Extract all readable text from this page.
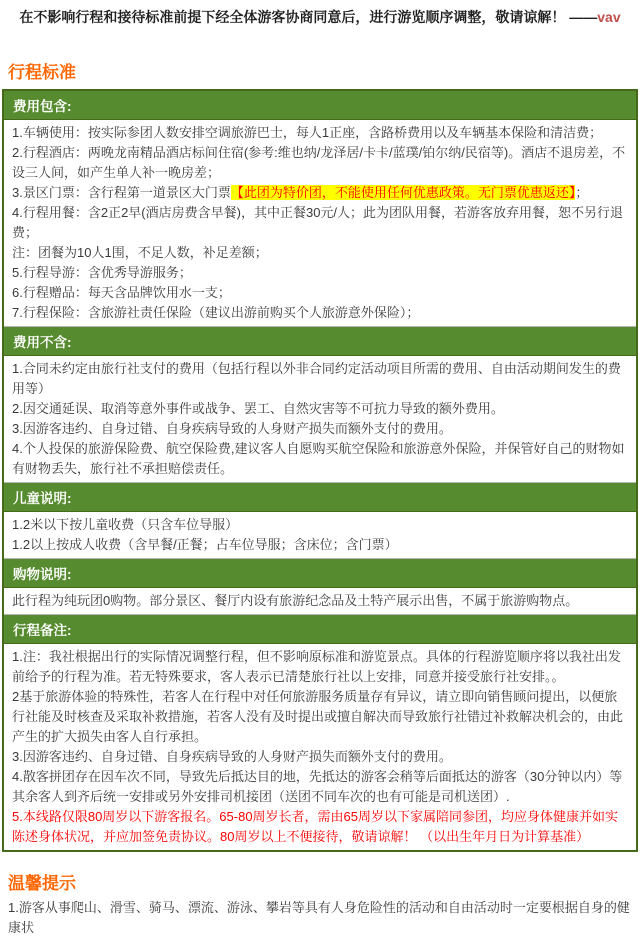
在不影响行程和接待标准前提下经全体游客协商同意后，进行游览顺序调整，敬请谅解！ ——vav
行程标准
费用包含:

1.车辆使用：按实际参团人数安排空调旅游巴士，每人1正座，含路桥费用以及车辆基本保险和清洁费；

2.行程酒店：两晚龙南精品酒店标间住宿(参考:维也纳/龙泽居/卡卡/蓝璞/铂尔纳/民宿等)。酒店不退房差，不设三人间，如产生单人补一晚房差；

3.景区门票：含行程第一道景区大门票【此团为特价团，不能使用任何优惠政策。无门票优惠返还】；

4.行程用餐：含2正2早(酒店房费含早餐)，其中正餐30元/人；此为团队用餐，若游客放弃用餐，恕不另行退费；

注：团餐为10人1围，不足人数，补足差额；

5.行程导游：含优秀导游服务；

6.行程赠品：每天含品牌饮用水一支；

7.行程保险：含旅游社责任保险（建议出游前购买个人旅游意外保险）；

费用不含:

1.合同未约定由旅行社支付的费用（包括行程以外非合同约定活动项目所需的费用、自由活动期间发生的费用等）

2.因交通延误、取消等意外事件或战争、罢工、自然灾害等不可抗力导致的额外费用。

3.因游客违约、自身过错、自身疾病导致的人身财产损失而额外支付的费用。

4.个人投保的旅游保险费、航空保险费,建议客人自愿购买航空保险和旅游意外保险，并保管好自己的财物如有财物丢失，旅行社不承担赔偿责任。

儿童说明:

1.2米以下按儿童收费（只含车位导服）

1.2以上按成人收费（含早餐/正餐；占车位导服；含床位；含门票）

购物说明:

此行程为纯玩团0购物。部分景区、餐厅内设有旅游纪念品及土特产展示出售，不属于旅游购物点。

行程备注:

1.注：我社根据出行的实际情况调整行程，但不影响原标准和游览景点。具体的行程游览顺序将以我社出发前给予的行程为准。若无特殊要求，客人表示已清楚旅行社以上安排，同意并接受旅行社安排。。

2基于旅游体验的特殊性，若客人在行程中对任何旅游服务质量存有异议，请立即向销售顾问提出，以便旅行社能及时核查及采取补救措施，若客人没有及时提出或擅自解决而导致旅行社错过补救解决机会的，由此产生的扩大损失由客人自行承担。

3.因游客违约、自身过错、自身疾病导致的人身财产损失而额外支付的费用。

4.散客拼团存在因车次不同，导致先后抵达目的地，先抵达的游客会稍等后面抵达的游客（30分钟以内）等其余客人到齐后统一安排或另外安排司机接团（送团不同车次的也有可能是司机送团）.

5.本线路仅限80周岁以下游客报名。65-80周岁长者，需由65周岁以下家属陪同参团，均应身体健康并如实陈述身体状况，并应加签免责协议。80周岁以上不便接待，敬请谅解！ （以出生年月日为计算基准）

温馨提示

1.游客从事爬山、滑雪、骑马、漂流、游泳、攀岩等具有人身危险性的活动和自由活动时一定要根据自身的健康状
